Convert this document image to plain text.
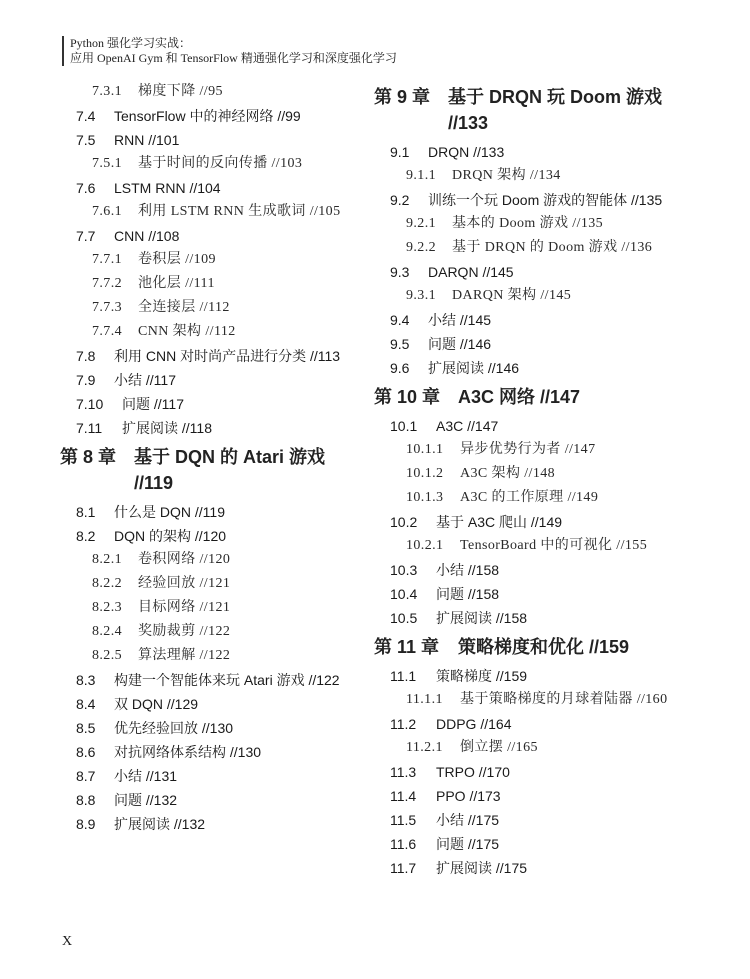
Python 强化学习实战：
应用 OpenAI Gym 和 TensorFlow 精通强化学习和深度强化学习
7.3.1	梯度下降 //95
7.4	TensorFlow 中的神经网络 //99
7.5	RNN //101
7.5.1	基于时间的反向传播 //103
7.6	LSTM RNN //104
7.6.1	利用 LSTM RNN 生成歌词 //105
7.7	CNN //108
7.7.1	卷积层 //109
7.7.2	池化层 //111
7.7.3	全连接层 //112
7.7.4	CNN 架构 //112
7.8	利用 CNN 对时尚产品进行分类 //113
7.9	小结 //117
7.10	问题 //117
7.11	扩展阅读 //118
第 8 章 基于 DQN 的 Atari 游戏 //119
8.1	什么是 DQN //119
8.2	DQN 的架构 //120
8.2.1	卷积网络 //120
8.2.2	经验回放 //121
8.2.3	目标网络 //121
8.2.4	奖励裁剪 //122
8.2.5	算法理解 //122
8.3	构建一个智能体来玩 Atari 游戏 //122
8.4	双 DQN //129
8.5	优先经验回放 //130
8.6	对抗网络体系结构 //130
8.7	小结 //131
8.8	问题 //132
8.9	扩展阅读 //132
第 9 章 基于 DRQN 玩 Doom 游戏 //133
9.1	DRQN //133
9.1.1	DRQN 架构 //134
9.2	训练一个玩 Doom 游戏的智能体 //135
9.2.1	基本的 Doom 游戏 //135
9.2.2	基于 DRQN 的 Doom 游戏 //136
9.3	DARQN //145
9.3.1	DARQN 架构 //145
9.4	小结 //145
9.5	问题 //146
9.6	扩展阅读 //146
第 10 章 A3C 网络 //147
10.1	A3C //147
10.1.1	异步优势行为者 //147
10.1.2	A3C 架构 //148
10.1.3	A3C 的工作原理 //149
10.2	基于 A3C 爬山 //149
10.2.1	TensorBoard 中的可视化 //155
10.3	小结 //158
10.4	问题 //158
10.5	扩展阅读 //158
第 11 章	策略梯度和优化 //159
11.1	策略梯度 //159
11.1.1	基于策略梯度的月球着陆器 //160
11.2	DDPG //164
11.2.1	倒立摆 //165
11.3	TRPO //170
11.4	PPO //173
11.5	小结 //175
11.6	问题 //175
11.7	扩展阅读 //175
X
